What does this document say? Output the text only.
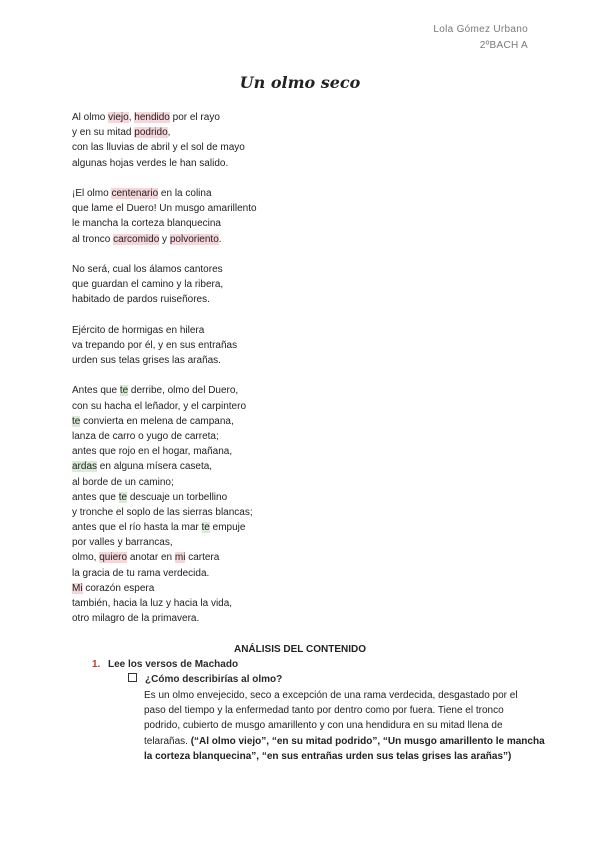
Lola Gómez Urbano
2ºBACH A
Un olmo seco
Al olmo viejo, hendido por el rayo
y en su mitad podrido,
con las lluvias de abril y el sol de mayo
algunas hojas verdes le han salido.
¡El olmo centenario en la colina
que lame el Duero! Un musgo amarillento
le mancha la corteza blanquecina
al tronco carcomido y polvoriento.
No será, cual los álamos cantores
que guardan el camino y la ribera,
habitado de pardos ruiseñores.
Ejército de hormigas en hilera
va trepando por él, y en sus entrañas
urden sus telas grises las arañas.
Antes que te derribe, olmo del Duero,
con su hacha el leñador, y el carpintero
te convierta en melena de campana,
lanza de carro o yugo de carreta;
antes que rojo en el hogar, mañana,
ardas en alguna mísera caseta,
al borde de un camino;
antes que te descuaje un torbellino
y tronche el soplo de las sierras blancas;
antes que el río hasta la mar te empuje
por valles y barrancas,
olmo, quiero anotar en mi cartera
la gracia de tu rama verdecida.
Mi corazón espera
también, hacia la luz y hacia la vida,
otro milagro de la primavera.
ANÁLISIS DEL CONTENIDO
1. Lee los versos de Machado
¿Cómo describirías al olmo?
Es un olmo envejecido, seco a excepción de una rama verdecida, desgastado por el
paso del tiempo y la enfermedad tanto por dentro como por fuera. Tiene el tronco
podrido, cubierto de musgo amarillento y con una hendidura en su mitad llena de
telarañas. (“Al olmo viejo”, “en su mitad podrido”, “Un musgo amarillento le mancha
la corteza blanquecina”, “en sus entrañas urden sus telas grises las arañas”)
